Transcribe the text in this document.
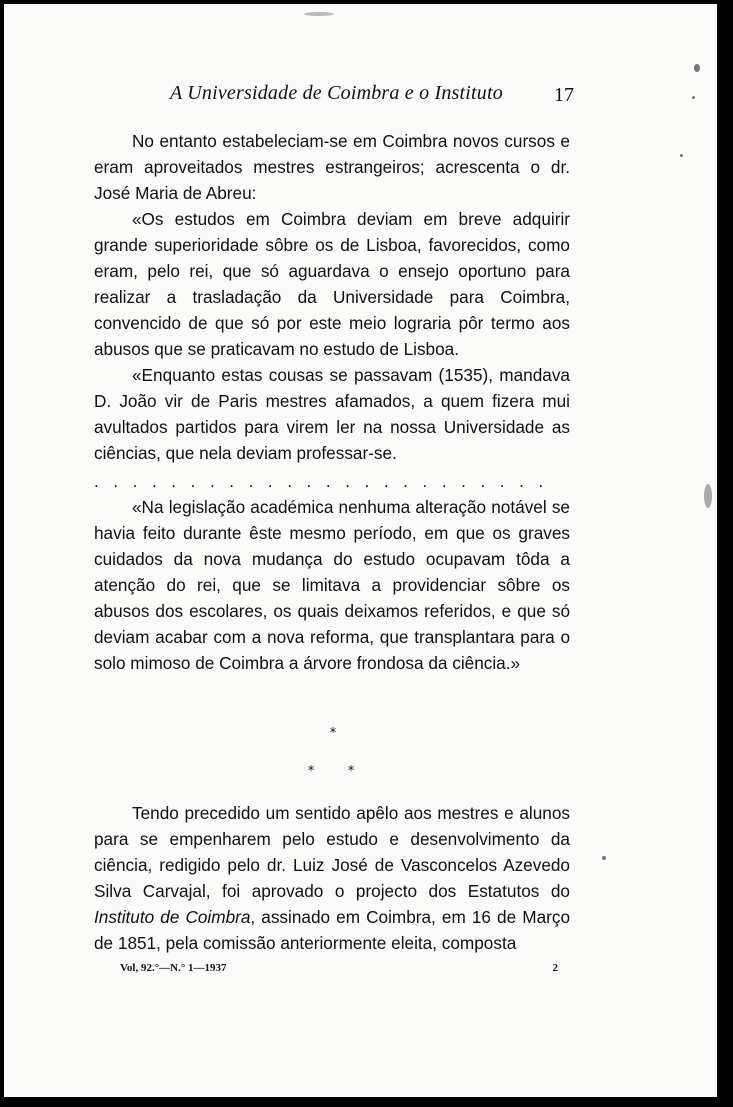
A Universidade de Coimbra e o Instituto	17

No entanto estabeleciam-se em Coimbra novos cursos e eram aproveitados mestres estrangeiros; acrescenta o dr. José Maria de Abreu:

«Os estudos em Coimbra deviam em breve adquirir grande superioridade sôbre os de Lisboa, favorecidos, como eram, pelo rei, que só aguardava o ensejo oportuno para realizar a trasladação da Universidade para Coimbra, convencido de que só por este meio lograria pôr termo aos abusos que se praticavam no estudo de Lisboa.

«Enquanto estas cousas se passavam (1535), mandava D. João vir de Paris mestres afamados, a quem fizera mui avultados partidos para virem ler na nossa Universidade as ciências, que nela deviam professar-se.

........................

«Na legislação académica nenhuma alteração notável se havia feito durante êste mesmo período, em que os graves cuidados da nova mudança do estudo ocupavam tôda a atenção do rei, que se limitava a providenciar sôbre os abusos dos escolares, os quais deixamos referidos, e que só deviam acabar com a nova reforma, que transplantara para o solo mimoso de Coimbra a árvore frondosa da ciência.»

*
*	*

Tendo precedido um sentido apêlo aos mestres e alunos para se empenharem pelo estudo e desenvolvimento da ciência, redigido pelo dr. Luiz José de Vasconcelos Azevedo Silva Carvajal, foi aprovado o projecto dos Estatutos do Instituto de Coimbra, assinado em Coimbra, em 16 de Março de 1851, pela comissão anteriormente eleita, composta

Vol, 92.°—N.° 1—1937	2
